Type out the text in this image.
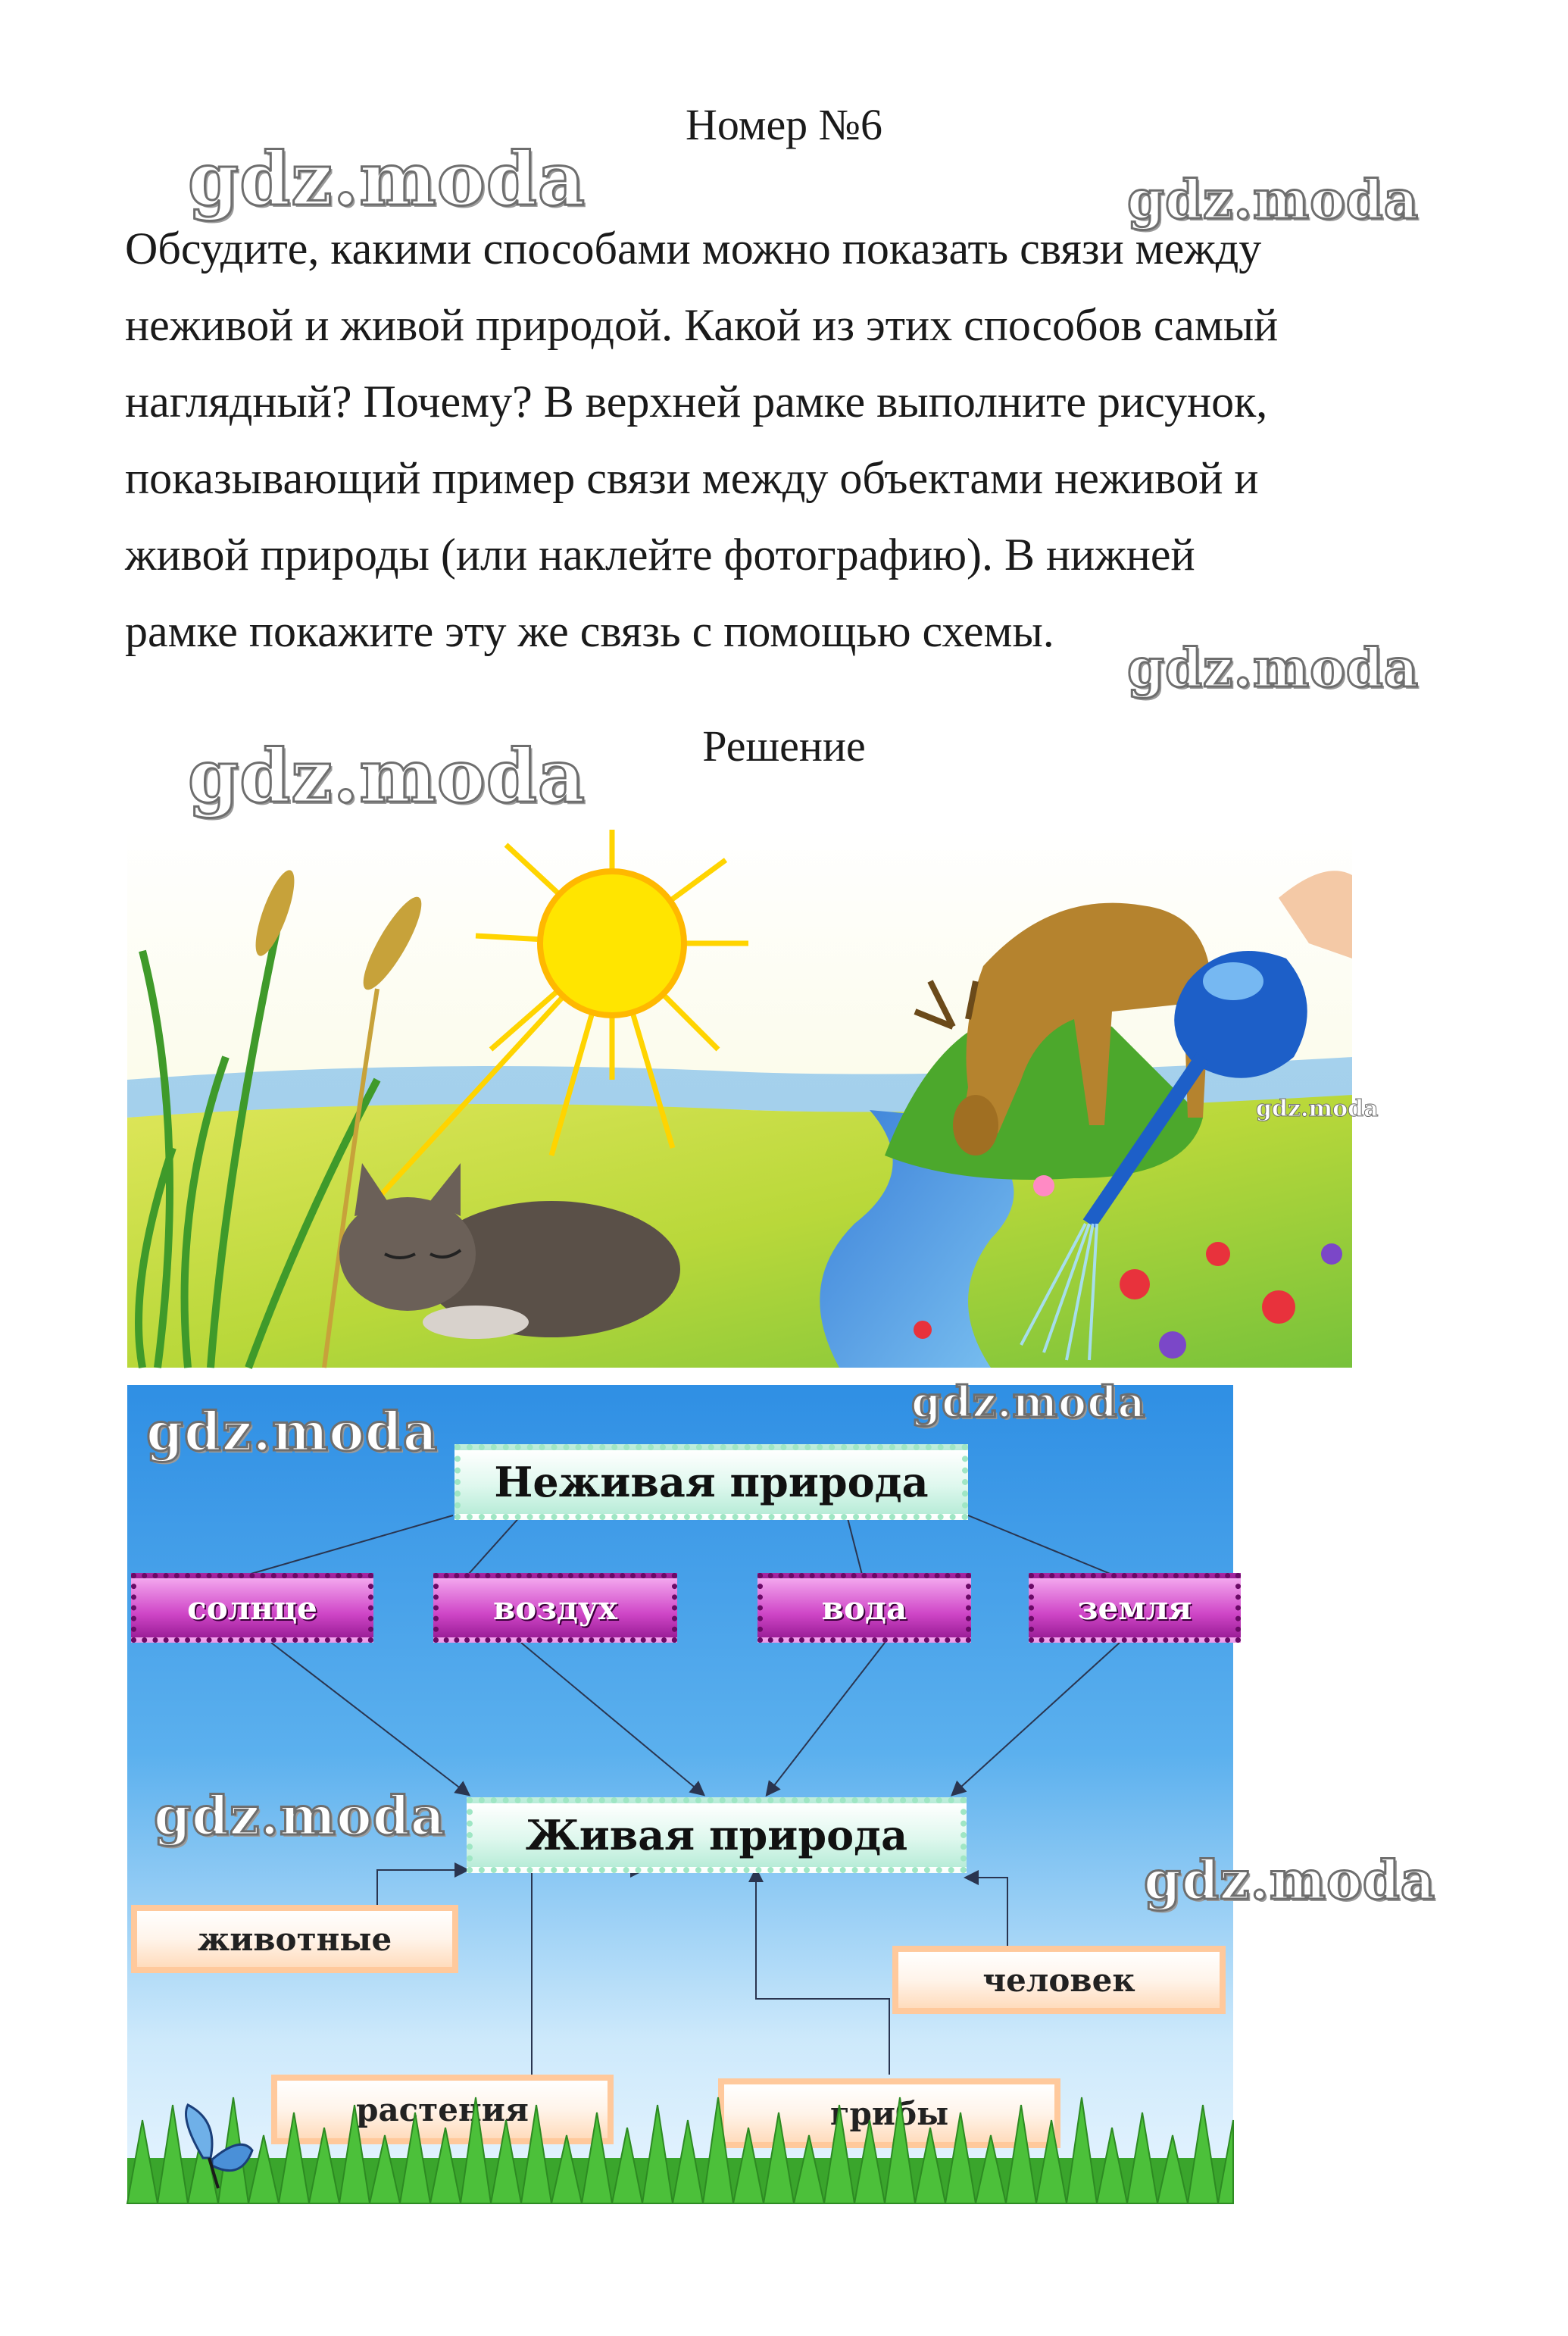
Номер №6
gdz.moda	gdz.moda

Обсудите, какими способами можно показать связи между
неживой и живой природой. Какой из этих способов самый
наглядный? Почему? В верхней рамке выполните рисунок,
показывающий пример связи между объектами неживой и
живой природы (или наклейте фотографию). В нижней
рамке покажите эту же связь с помощью схемы.

gdz.moda
Решение
gdz.moda
gdz.moda
gdz.moda	gdz.moda
gdz.moda
Неживая природа
солнце	воздух	вода	земля
Живая природа
животные
растения	грибы
человек
gdz.moda
